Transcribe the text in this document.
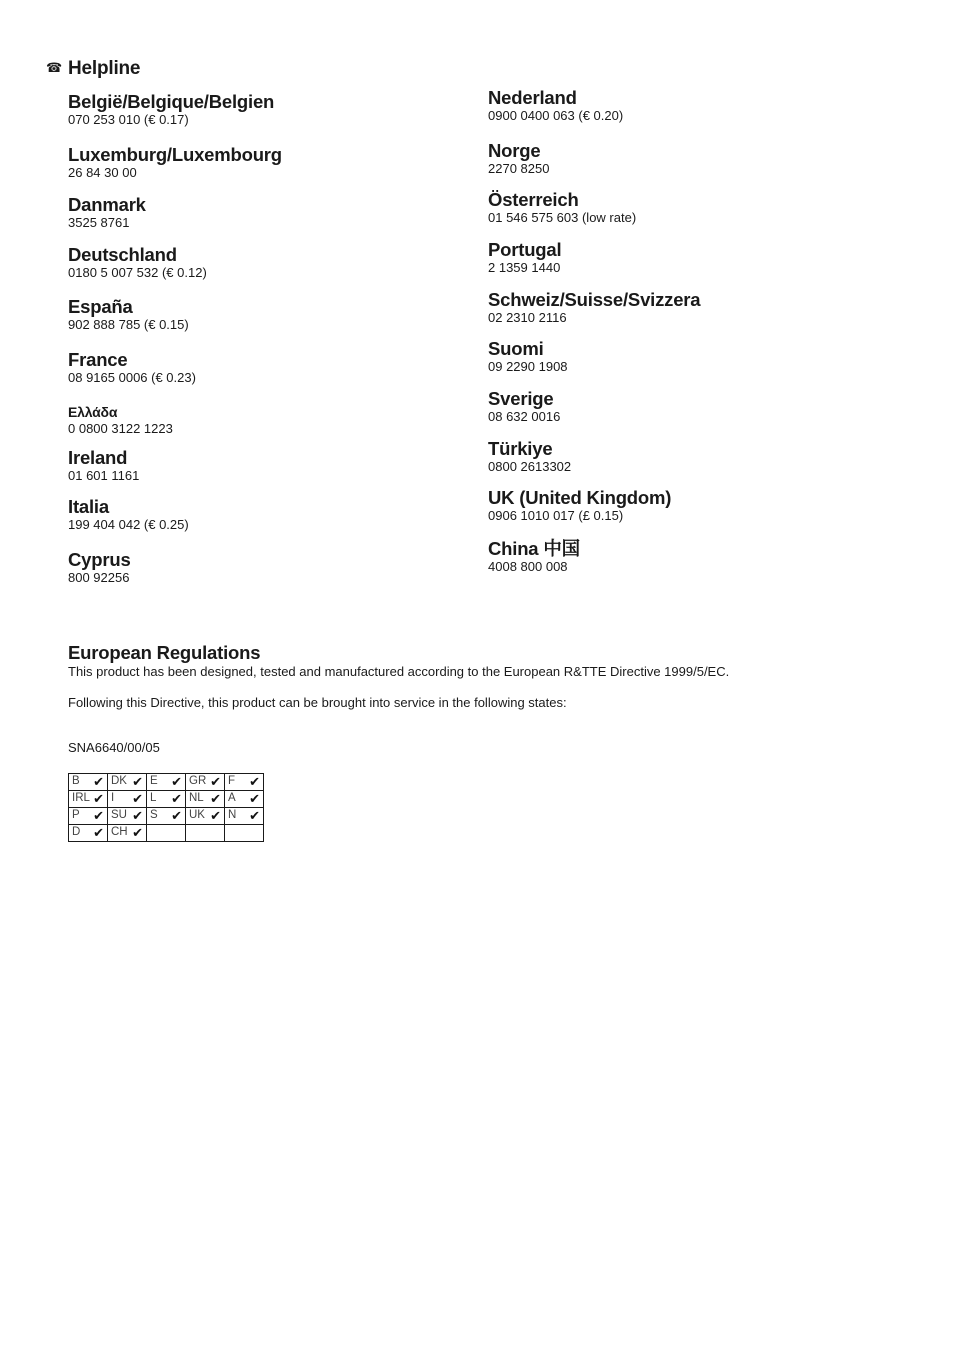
☎ Helpline
België/Belgique/Belgien
070 253 010 (€ 0.17)
Luxemburg/Luxembourg
26 84 30 00
Danmark
3525 8761
Deutschland
0180 5 007 532 (€ 0.12)
España
902 888 785 (€ 0.15)
France
08 9165 0006 (€ 0.23)
Ελλάδα
0 0800 3122 1223
Ireland
01 601 1161
Italia
199 404 042 (€ 0.25)
Cyprus
800 92256
Nederland
0900 0400 063 (€ 0.20)
Norge
2270 8250
Österreich
01 546 575 603 (low rate)
Portugal
2 1359 1440
Schweiz/Suisse/Svizzera
02 2310 2116
Suomi
09 2290 1908
Sverige
08 632 0016
Türkiye
0800 2613302
UK (United Kingdom)
0906 1010 017 (£ 0.15)
China 中国
4008 800 008
European Regulations

This product has been designed, tested and manufactured according to the European R&TTE Directive 1999/5/EC.

Following this Directive, this product can be brought into service in the following states:

SNA6640/00/05
B ✔	DK ✔	E ✔	GR ✔	F ✔

IRL ✔	I ✔	L ✔	NL ✔	A ✔

P ✔	SU ✔	S ✔	UK ✔	N ✔

D ✔	CH ✔			
